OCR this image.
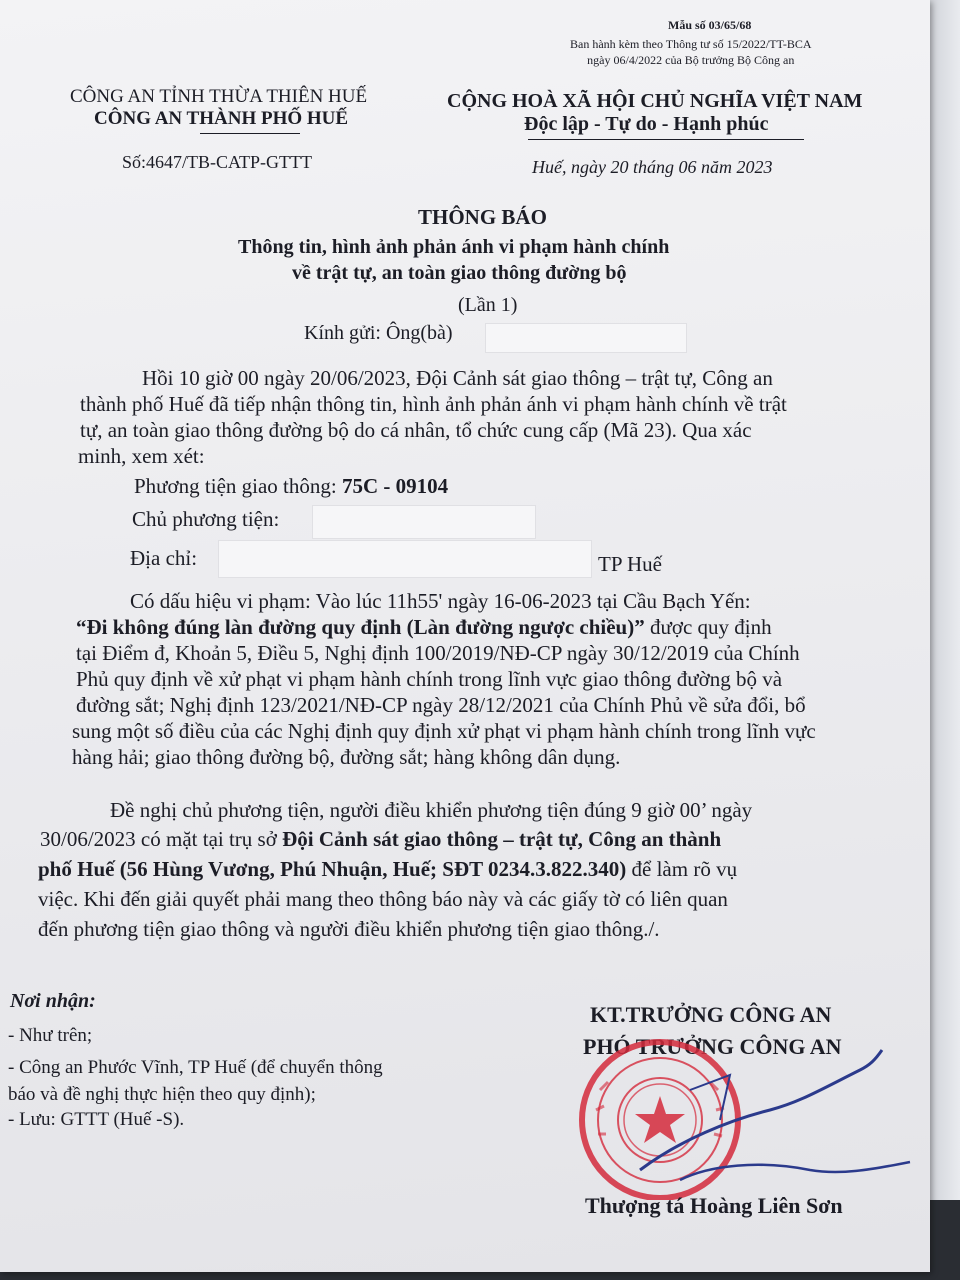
Mẫu số 03/65/68
Ban hành kèm theo Thông tư số 15/2022/TT-BCA
ngày 06/4/2022 của Bộ trưởng Bộ Công an
CÔNG AN TỈNH THỪA THIÊN HUẾ
CÔNG AN THÀNH PHỐ HUẾ
CỘNG HOÀ XÃ HỘI CHỦ NGHĨA VIỆT NAM
Độc lập - Tự do - Hạnh phúc
Số:4647/TB-CATP-GTTT	Huế, ngày 20 tháng 06 năm 2023
THÔNG BÁO
Thông tin, hình ảnh phản ánh vi phạm hành chính
về trật tự, an toàn giao thông đường bộ
(Lần 1)
Kính gửi: Ông(bà)
Hồi 10 giờ 00 ngày 20/06/2023, Đội Cảnh sát giao thông – trật tự, Công an
thành phố Huế đã tiếp nhận thông tin, hình ảnh phản ánh vi phạm hành chính về trật
tự, an toàn giao thông đường bộ do cá nhân, tổ chức cung cấp (Mã 23). Qua xác
minh, xem xét:
Phương tiện giao thông: 75C - 09104
Chủ phương tiện:
Địa chỉ:	TP Huế
Có dấu hiệu vi phạm: Vào lúc 11h55' ngày 16-06-2023 tại Cầu Bạch Yến:
“Đi không đúng làn đường quy định (Làn đường ngược chiều)” được quy định
tại Điểm đ, Khoản 5, Điều 5, Nghị định 100/2019/NĐ-CP ngày 30/12/2019 của Chính
Phủ quy định về xử phạt vi phạm hành chính trong lĩnh vực giao thông đường bộ và
đường sắt; Nghị định 123/2021/NĐ-CP ngày 28/12/2021 của Chính Phủ về sửa đổi, bổ
sung một số điều của các Nghị định quy định xử phạt vi phạm hành chính trong lĩnh vực
hàng hải; giao thông đường bộ, đường sắt; hàng không dân dụng.
Đề nghị chủ phương tiện, người điều khiển phương tiện đúng 9 giờ 00’ ngày
30/06/2023 có mặt tại trụ sở Đội Cảnh sát giao thông – trật tự, Công an thành
phố Huế (56 Hùng Vương, Phú Nhuận, Huế; SĐT 0234.3.822.340) để làm rõ vụ
việc. Khi đến giải quyết phải mang theo thông báo này và các giấy tờ có liên quan
đến phương tiện giao thông và người điều khiển phương tiện giao thông./.
Nơi nhận:
- Như trên;
- Công an Phước Vĩnh, TP Huế (để chuyển thông
báo và đề nghị thực hiện theo quy định);
- Lưu: GTTT (Huế -S).
KT.TRƯỞNG CÔNG AN
PHÓ TRƯỞNG CÔNG AN
Thượng tá Hoàng Liên Sơn
